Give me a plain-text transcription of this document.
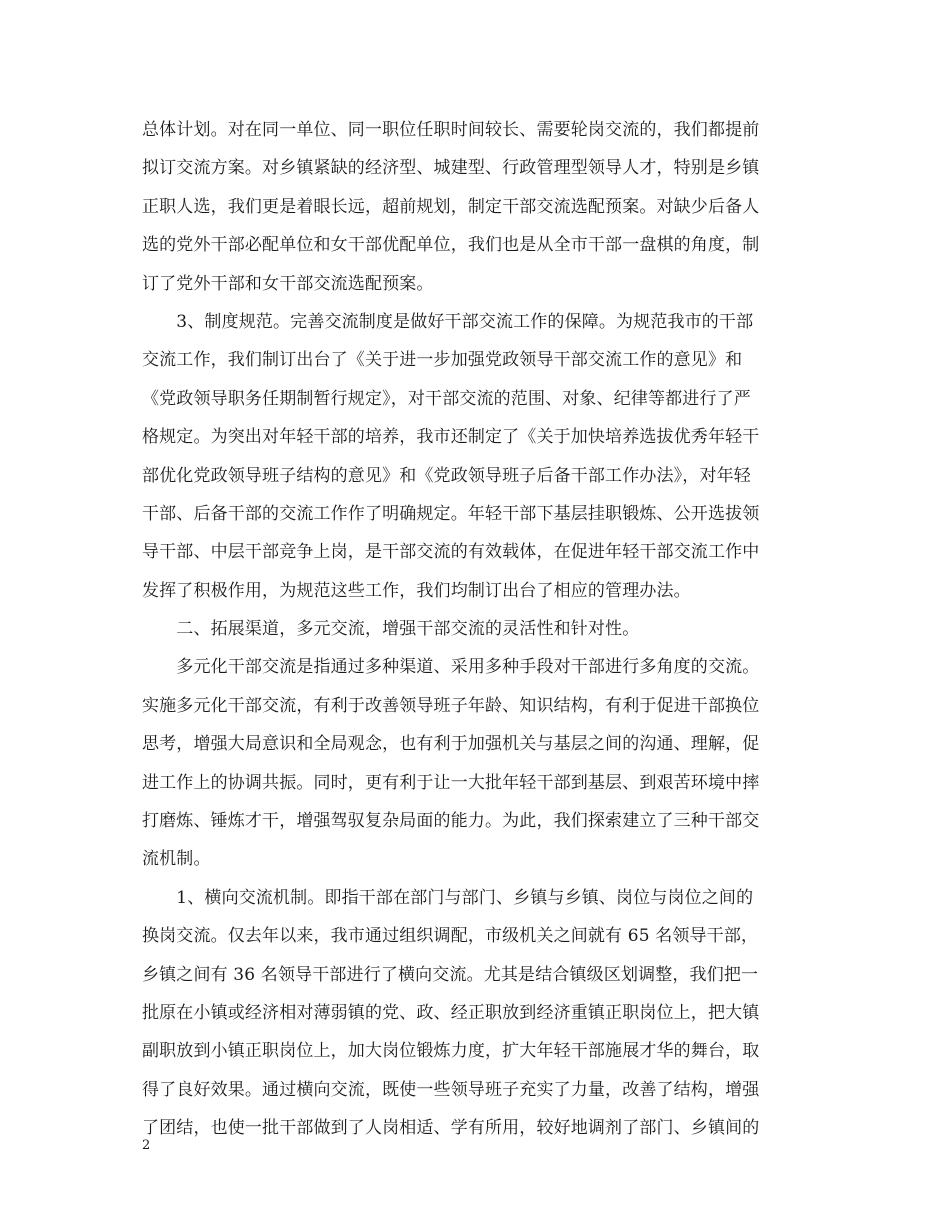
总体计划。对在同一单位、同一职位任职时间较长、需要轮岗交流的，我们都提前
拟订交流方案。对乡镇紧缺的经济型、城建型、行政管理型领导人才，特别是乡镇
正职人选，我们更是着眼长远，超前规划，制定干部交流选配预案。对缺少后备人
选的党外干部必配单位和女干部优配单位，我们也是从全市干部一盘棋的角度，制
订了党外干部和女干部交流选配预案。
　　3、制度规范。完善交流制度是做好干部交流工作的保障。为规范我市的干部
交流工作，我们制订出台了《关于进一步加强党政领导干部交流工作的意见》和
《党政领导职务任期制暂行规定》，对干部交流的范围、对象、纪律等都进行了严
格规定。为突出对年轻干部的培养，我市还制定了《关于加快培养选拔优秀年轻干
部优化党政领导班子结构的意见》和《党政领导班子后备干部工作办法》，对年轻
干部、后备干部的交流工作作了明确规定。年轻干部下基层挂职锻炼、公开选拔领
导干部、中层干部竞争上岗，是干部交流的有效载体，在促进年轻干部交流工作中
发挥了积极作用，为规范这些工作，我们均制订出台了相应的管理办法。
　　二、拓展渠道，多元交流，增强干部交流的灵活性和针对性。
　　多元化干部交流是指通过多种渠道、采用多种手段对干部进行多角度的交流。
实施多元化干部交流，有利于改善领导班子年龄、知识结构，有利于促进干部换位
思考，增强大局意识和全局观念，也有利于加强机关与基层之间的沟通、理解，促
进工作上的协调共振。同时，更有利于让一大批年轻干部到基层、到艰苦环境中摔
打磨炼、锤炼才干，增强驾驭复杂局面的能力。为此，我们探索建立了三种干部交
流机制。
　　1、横向交流机制。即指干部在部门与部门、乡镇与乡镇、岗位与岗位之间的
换岗交流。仅去年以来，我市通过组织调配，市级机关之间就有 65 名领导干部，
乡镇之间有 36 名领导干部进行了横向交流。尤其是结合镇级区划调整，我们把一
批原在小镇或经济相对薄弱镇的党、政、经正职放到经济重镇正职岗位上，把大镇
副职放到小镇正职岗位上，加大岗位锻炼力度，扩大年轻干部施展才华的舞台，取
得了良好效果。通过横向交流，既使一些领导班子充实了力量，改善了结构，增强
了团结，也使一批干部做到了人岗相适、学有所用，较好地调剂了部门、乡镇间的
2
